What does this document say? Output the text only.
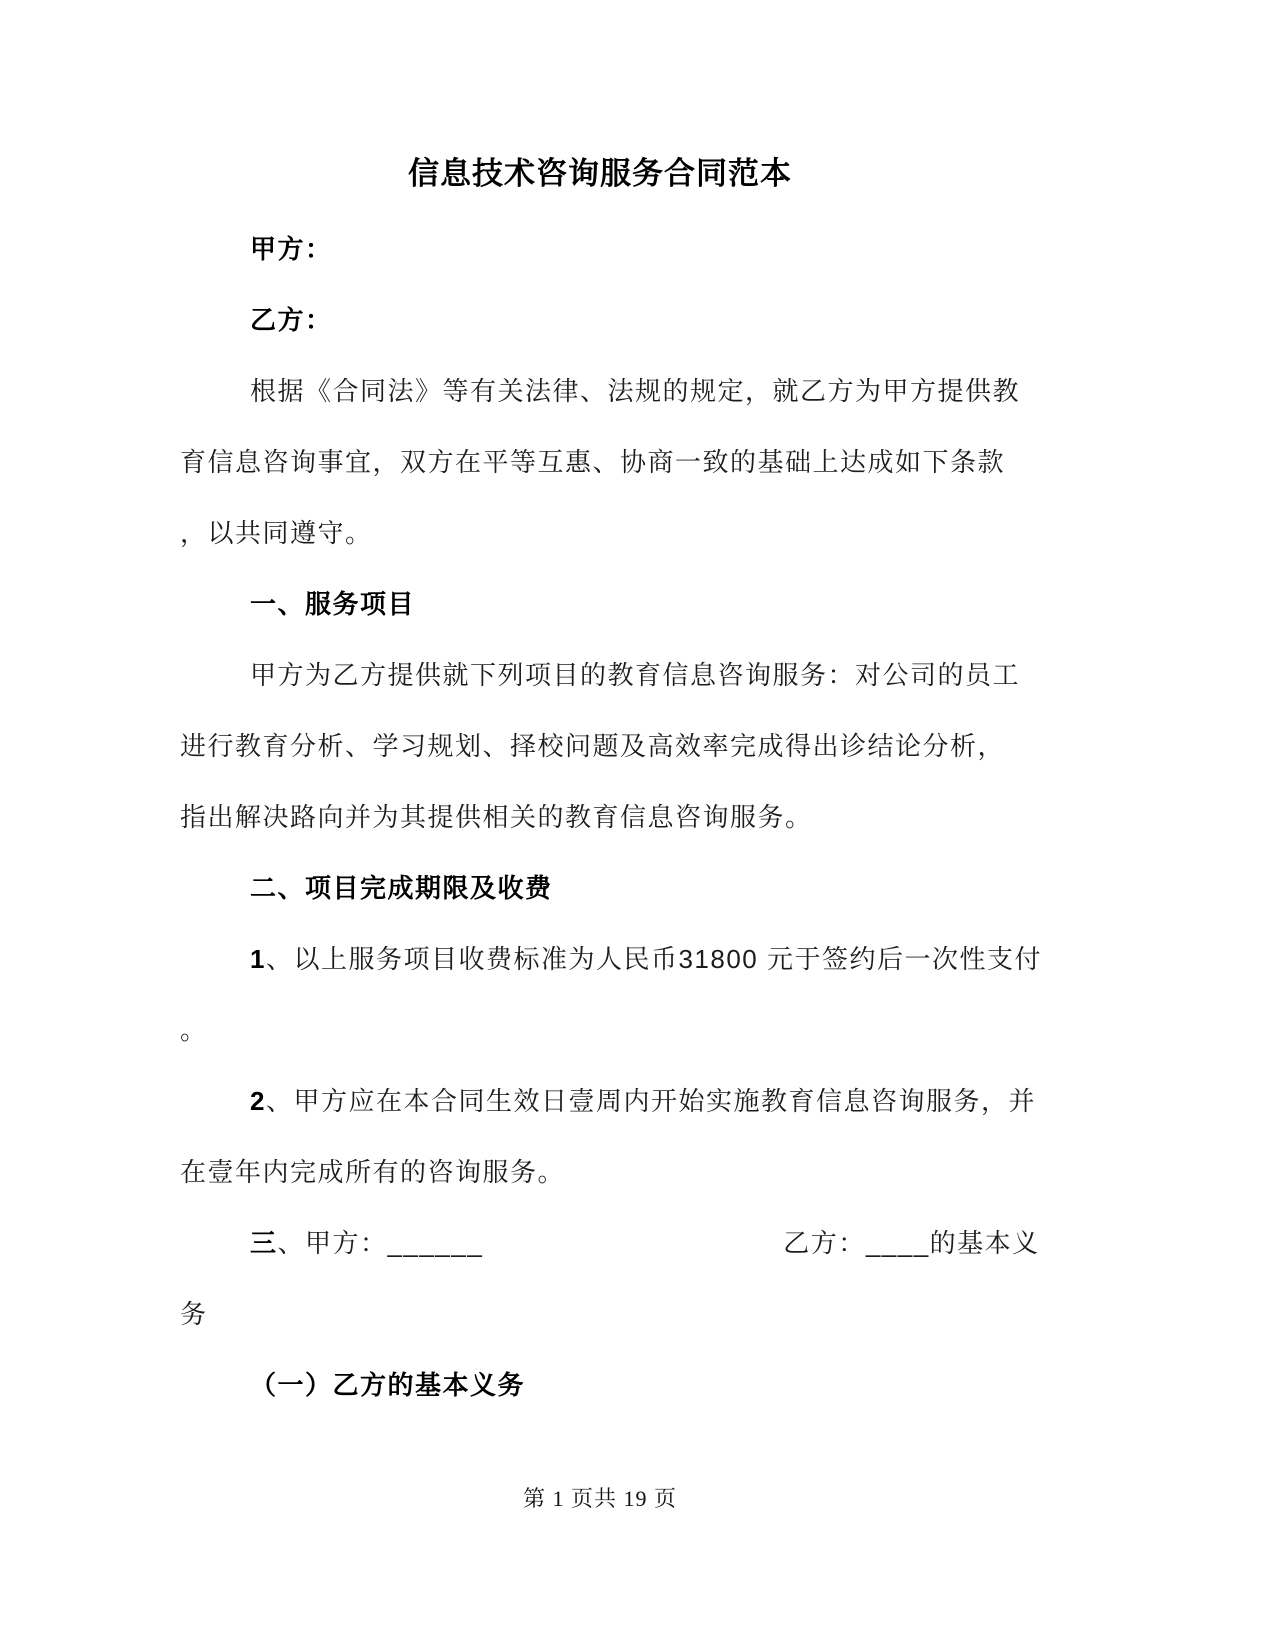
信息技术咨询服务合同范本
甲方：
乙方：
根据《合同法》等有关法律、法规的规定，就乙方为甲方提供教
育信息咨询事宜，双方在平等互惠、协商一致的基础上达成如下条款
，以共同遵守。
一、服务项目
甲方为乙方提供就下列项目的教育信息咨询服务：对公司的员工
进行教育分析、学习规划、择校问题及高效率完成得出诊结论分析，
指出解决路向并为其提供相关的教育信息咨询服务。
二、项目完成期限及收费
1、以上服务项目收费标准为人民币31800 元于签约后一次性支付
。
2、甲方应在本合同生效日壹周内开始实施教育信息咨询服务，并
在壹年内完成所有的咨询服务。
三、甲方：______	乙方：____的基本义
务
（一）乙方的基本义务
第 1 页共 19 页
